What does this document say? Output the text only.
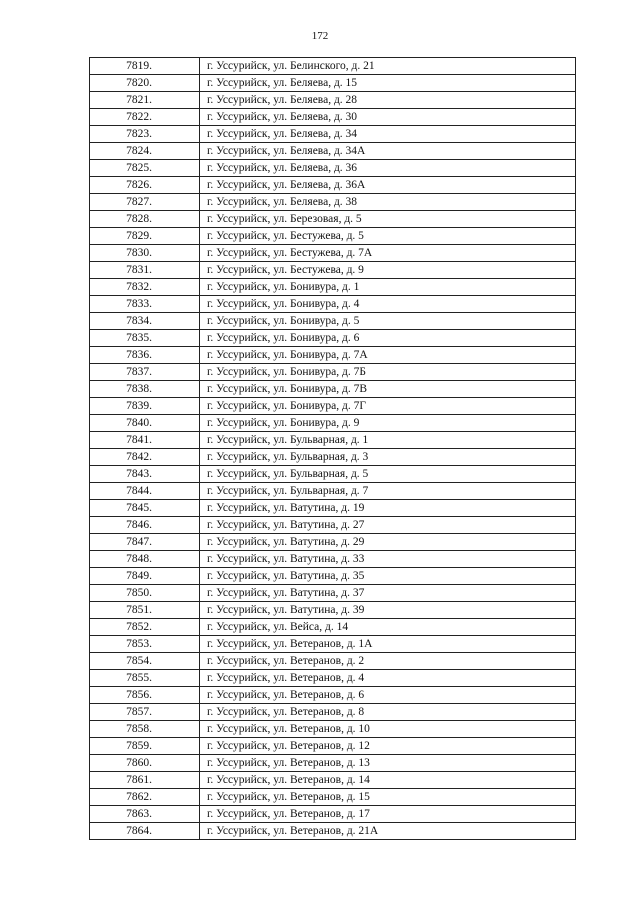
172
7819.	г. Уссурийск, ул. Белинского, д. 21
7820.	г. Уссурийск, ул. Беляева, д. 15
7821.	г. Уссурийск, ул. Беляева, д. 28
7822.	г. Уссурийск, ул. Беляева, д. 30
7823.	г. Уссурийск, ул. Беляева, д. 34
7824.	г. Уссурийск, ул. Беляева, д. 34А
7825.	г. Уссурийск, ул. Беляева, д. 36
7826.	г. Уссурийск, ул. Беляева, д. 36А
7827.	г. Уссурийск, ул. Беляева, д. 38
7828.	г. Уссурийск, ул. Березовая, д. 5
7829.	г. Уссурийск, ул. Бестужева, д. 5
7830.	г. Уссурийск, ул. Бестужева, д. 7А
7831.	г. Уссурийск, ул. Бестужева, д. 9
7832.	г. Уссурийск, ул. Бонивура, д. 1
7833.	г. Уссурийск, ул. Бонивура, д. 4
7834.	г. Уссурийск, ул. Бонивура, д. 5
7835.	г. Уссурийск, ул. Бонивура, д. 6
7836.	г. Уссурийск, ул. Бонивура, д. 7А
7837.	г. Уссурийск, ул. Бонивура, д. 7Б
7838.	г. Уссурийск, ул. Бонивура, д. 7В
7839.	г. Уссурийск, ул. Бонивура, д. 7Г
7840.	г. Уссурийск, ул. Бонивура, д. 9
7841.	г. Уссурийск, ул. Бульварная, д. 1
7842.	г. Уссурийск, ул. Бульварная, д. 3
7843.	г. Уссурийск, ул. Бульварная, д. 5
7844.	г. Уссурийск, ул. Бульварная, д. 7
7845.	г. Уссурийск, ул. Ватутина, д. 19
7846.	г. Уссурийск, ул. Ватутина, д. 27
7847.	г. Уссурийск, ул. Ватутина, д. 29
7848.	г. Уссурийск, ул. Ватутина, д. 33
7849.	г. Уссурийск, ул. Ватутина, д. 35
7850.	г. Уссурийск, ул. Ватутина, д. 37
7851.	г. Уссурийск, ул. Ватутина, д. 39
7852.	г. Уссурийск, ул. Вейса, д. 14
7853.	г. Уссурийск, ул. Ветеранов, д. 1А
7854.	г. Уссурийск, ул. Ветеранов, д. 2
7855.	г. Уссурийск, ул. Ветеранов, д. 4
7856.	г. Уссурийск, ул. Ветеранов, д. 6
7857.	г. Уссурийск, ул. Ветеранов, д. 8
7858.	г. Уссурийск, ул. Ветеранов, д. 10
7859.	г. Уссурийск, ул. Ветеранов, д. 12
7860.	г. Уссурийск, ул. Ветеранов, д. 13
7861.	г. Уссурийск, ул. Ветеранов, д. 14
7862.	г. Уссурийск, ул. Ветеранов, д. 15
7863.	г. Уссурийск, ул. Ветеранов, д. 17
7864.	г. Уссурийск, ул. Ветеранов, д. 21А
